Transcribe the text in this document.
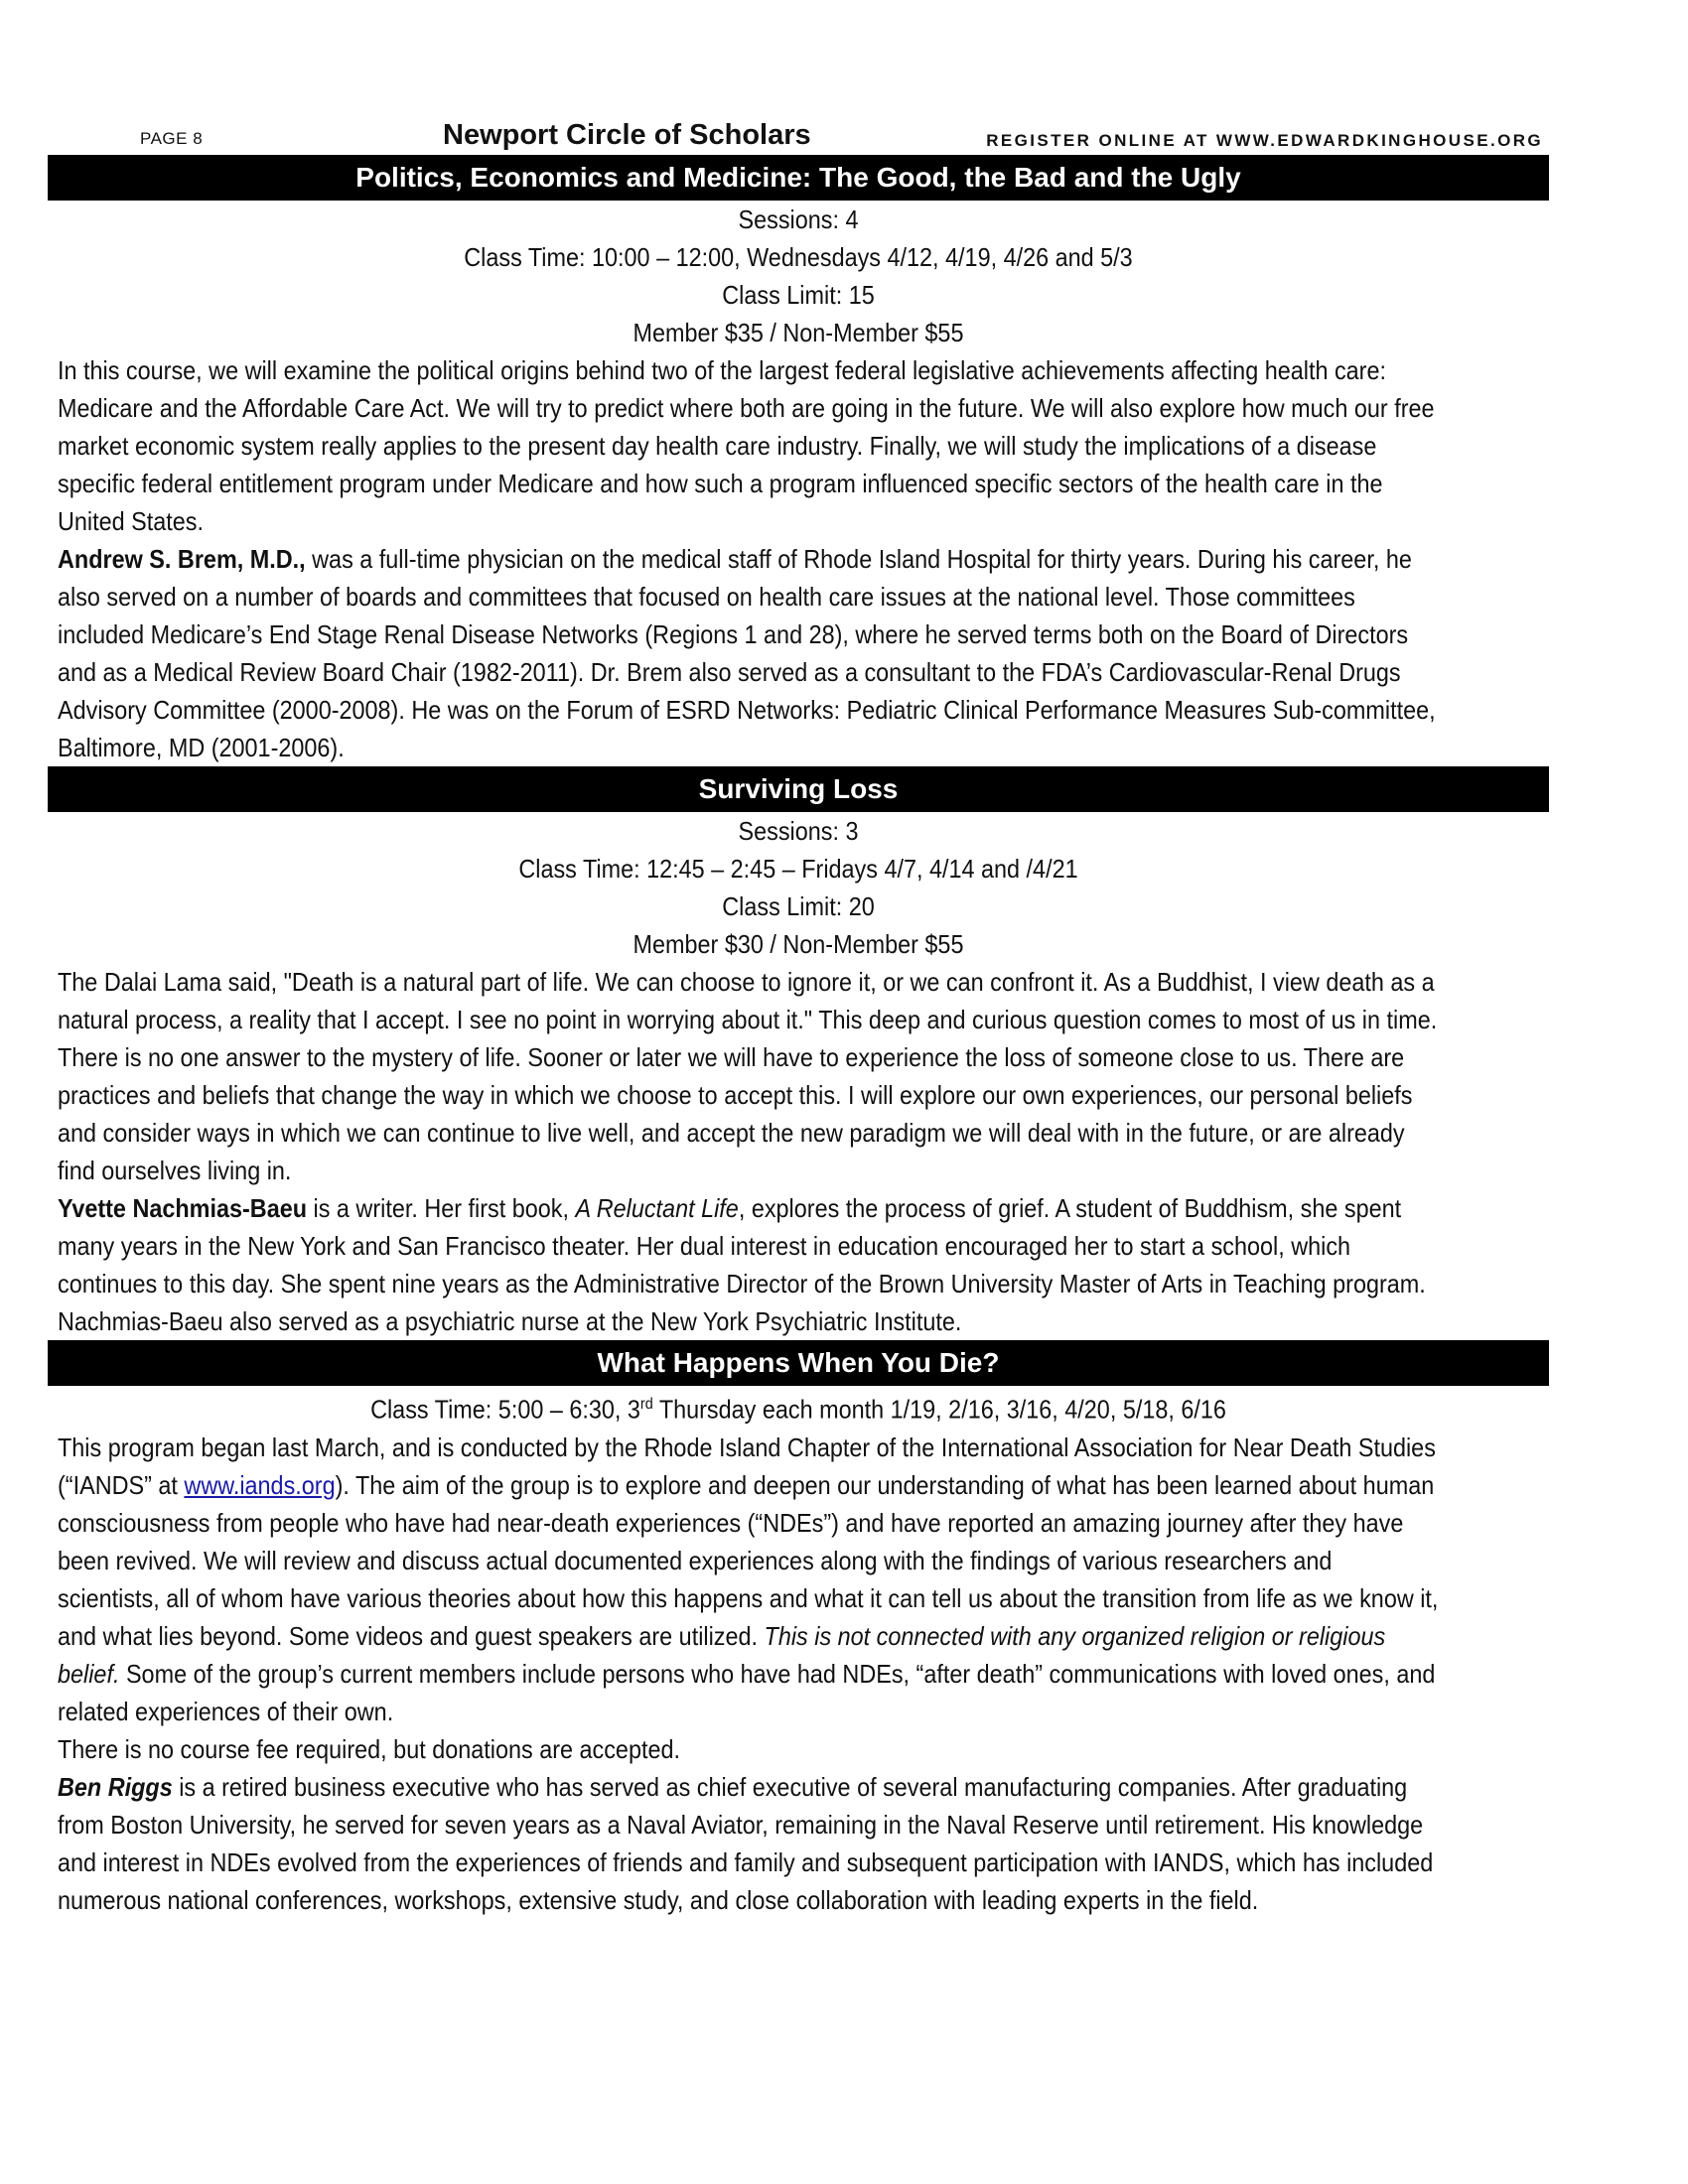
PAGE 8	Newport Circle of Scholars	REGISTER ONLINE AT WWW.EDWARDKINGHOUSE.ORG
Politics, Economics and Medicine: The Good, the Bad and the Ugly
Sessions: 4
Class Time: 10:00 – 12:00, Wednesdays 4/12, 4/19, 4/26 and 5/3
Class Limit: 15
Member $35 / Non-Member $55

In this course, we will examine the political origins behind two of the largest federal legislative achievements affecting health care: Medicare and the Affordable Care Act. We will try to predict where both are going in the future. We will also explore how much our free market economic system really applies to the present day health care industry. Finally, we will study the implications of a disease specific federal entitlement program under Medicare and how such a program influenced specific sectors of the health care in the United States.

Andrew S. Brem, M.D., was a full-time physician on the medical staff of Rhode Island Hospital for thirty years. During his career, he also served on a number of boards and committees that focused on health care issues at the national level. Those committees included Medicare’s End Stage Renal Disease Networks (Regions 1 and 28), where he served terms both on the Board of Directors and as a Medical Review Board Chair (1982-2011). Dr. Brem also served as a consultant to the FDA’s Cardiovascular-Renal Drugs Advisory Committee (2000-2008). He was on the Forum of ESRD Networks: Pediatric Clinical Performance Measures Sub-committee, Baltimore, MD (2001-2006).

Surviving Loss
Sessions: 3
Class Time: 12:45 – 2:45 – Fridays 4/7, 4/14 and /4/21
Class Limit: 20
Member $30 / Non-Member $55

The Dalai Lama said, "Death is a natural part of life. We can choose to ignore it, or we can confront it. As a Buddhist, I view death as a natural process, a reality that I accept. I see no point in worrying about it." This deep and curious question comes to most of us in time. There is no one answer to the mystery of life. Sooner or later we will have to experience the loss of someone close to us. There are practices and beliefs that change the way in which we choose to accept this. I will explore our own experiences, our personal beliefs and consider ways in which we can continue to live well, and accept the new paradigm we will deal with in the future, or are already find ourselves living in.

Yvette Nachmias-Baeu is a writer. Her first book, A Reluctant Life, explores the process of grief. A student of Buddhism, she spent many years in the New York and San Francisco theater. Her dual interest in education encouraged her to start a school, which continues to this day. She spent nine years as the Administrative Director of the Brown University Master of Arts in Teaching program. Nachmias-Baeu also served as a psychiatric nurse at the New York Psychiatric Institute.

What Happens When You Die?
Class Time: 5:00 – 6:30, 3rd Thursday each month 1/19, 2/16, 3/16, 4/20, 5/18, 6/16

This program began last March, and is conducted by the Rhode Island Chapter of the International Association for Near Death Studies (“IANDS” at www.iands.org). The aim of the group is to explore and deepen our understanding of what has been learned about human consciousness from people who have had near-death experiences (“NDEs”) and have reported an amazing journey after they have been revived. We will review and discuss actual documented experiences along with the findings of various researchers and scientists, all of whom have various theories about how this happens and what it can tell us about the transition from life as we know it, and what lies beyond. Some videos and guest speakers are utilized. This is not connected with any organized religion or religious belief. Some of the group’s current members include persons who have had NDEs, “after death” communications with loved ones, and related experiences of their own.
There is no course fee required, but donations are accepted.

Ben Riggs is a retired business executive who has served as chief executive of several manufacturing companies. After graduating from Boston University, he served for seven years as a Naval Aviator, remaining in the Naval Reserve until retirement. His knowledge and interest in NDEs evolved from the experiences of friends and family and subsequent participation with IANDS, which has included numerous national conferences, workshops, extensive study, and close collaboration with leading experts in the field.
